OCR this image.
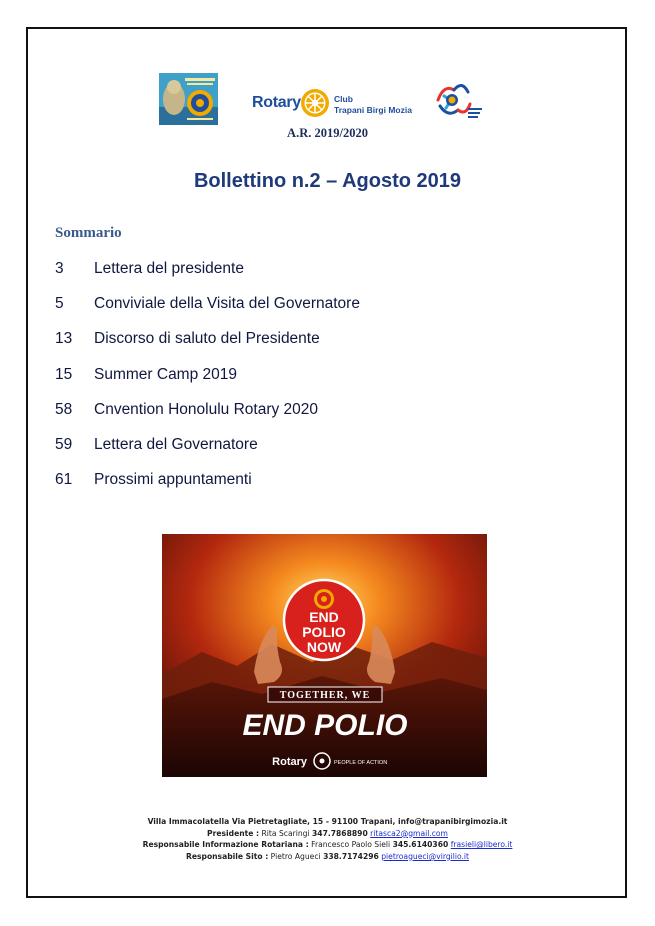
Rotary	Club
Trapani Birgi Mozia
A.R. 2019/2020
Bollettino n.2 – Agosto 2019
Sommario
3 Lettera del presidente
5 Conviviale della Visita del Governatore
13 Discorso di saluto del Presidente
15 Summer Camp 2019
58 Cnvention Honolulu Rotary 2020
59 Lettera del Governatore
61 Prossimi appuntamenti
END
POLIO
NOW
TOGETHER, WE
END POLIO
Rotary	PEOPLE OF ACTION
Villa Immacolatella Via Pietretagliate, 15 - 91100 Trapani, info@trapanibirgimozia.it
Presidente : Rita Scaringi 347.7868890 ritasca2@gmail.com
Responsabile Informazione Rotariana : Francesco Paolo Sieli 345.6140360 frasieli@libero.it
Responsabile Sito : Pietro Agueci 338.7174296 pietroagueci@virgilio.it
